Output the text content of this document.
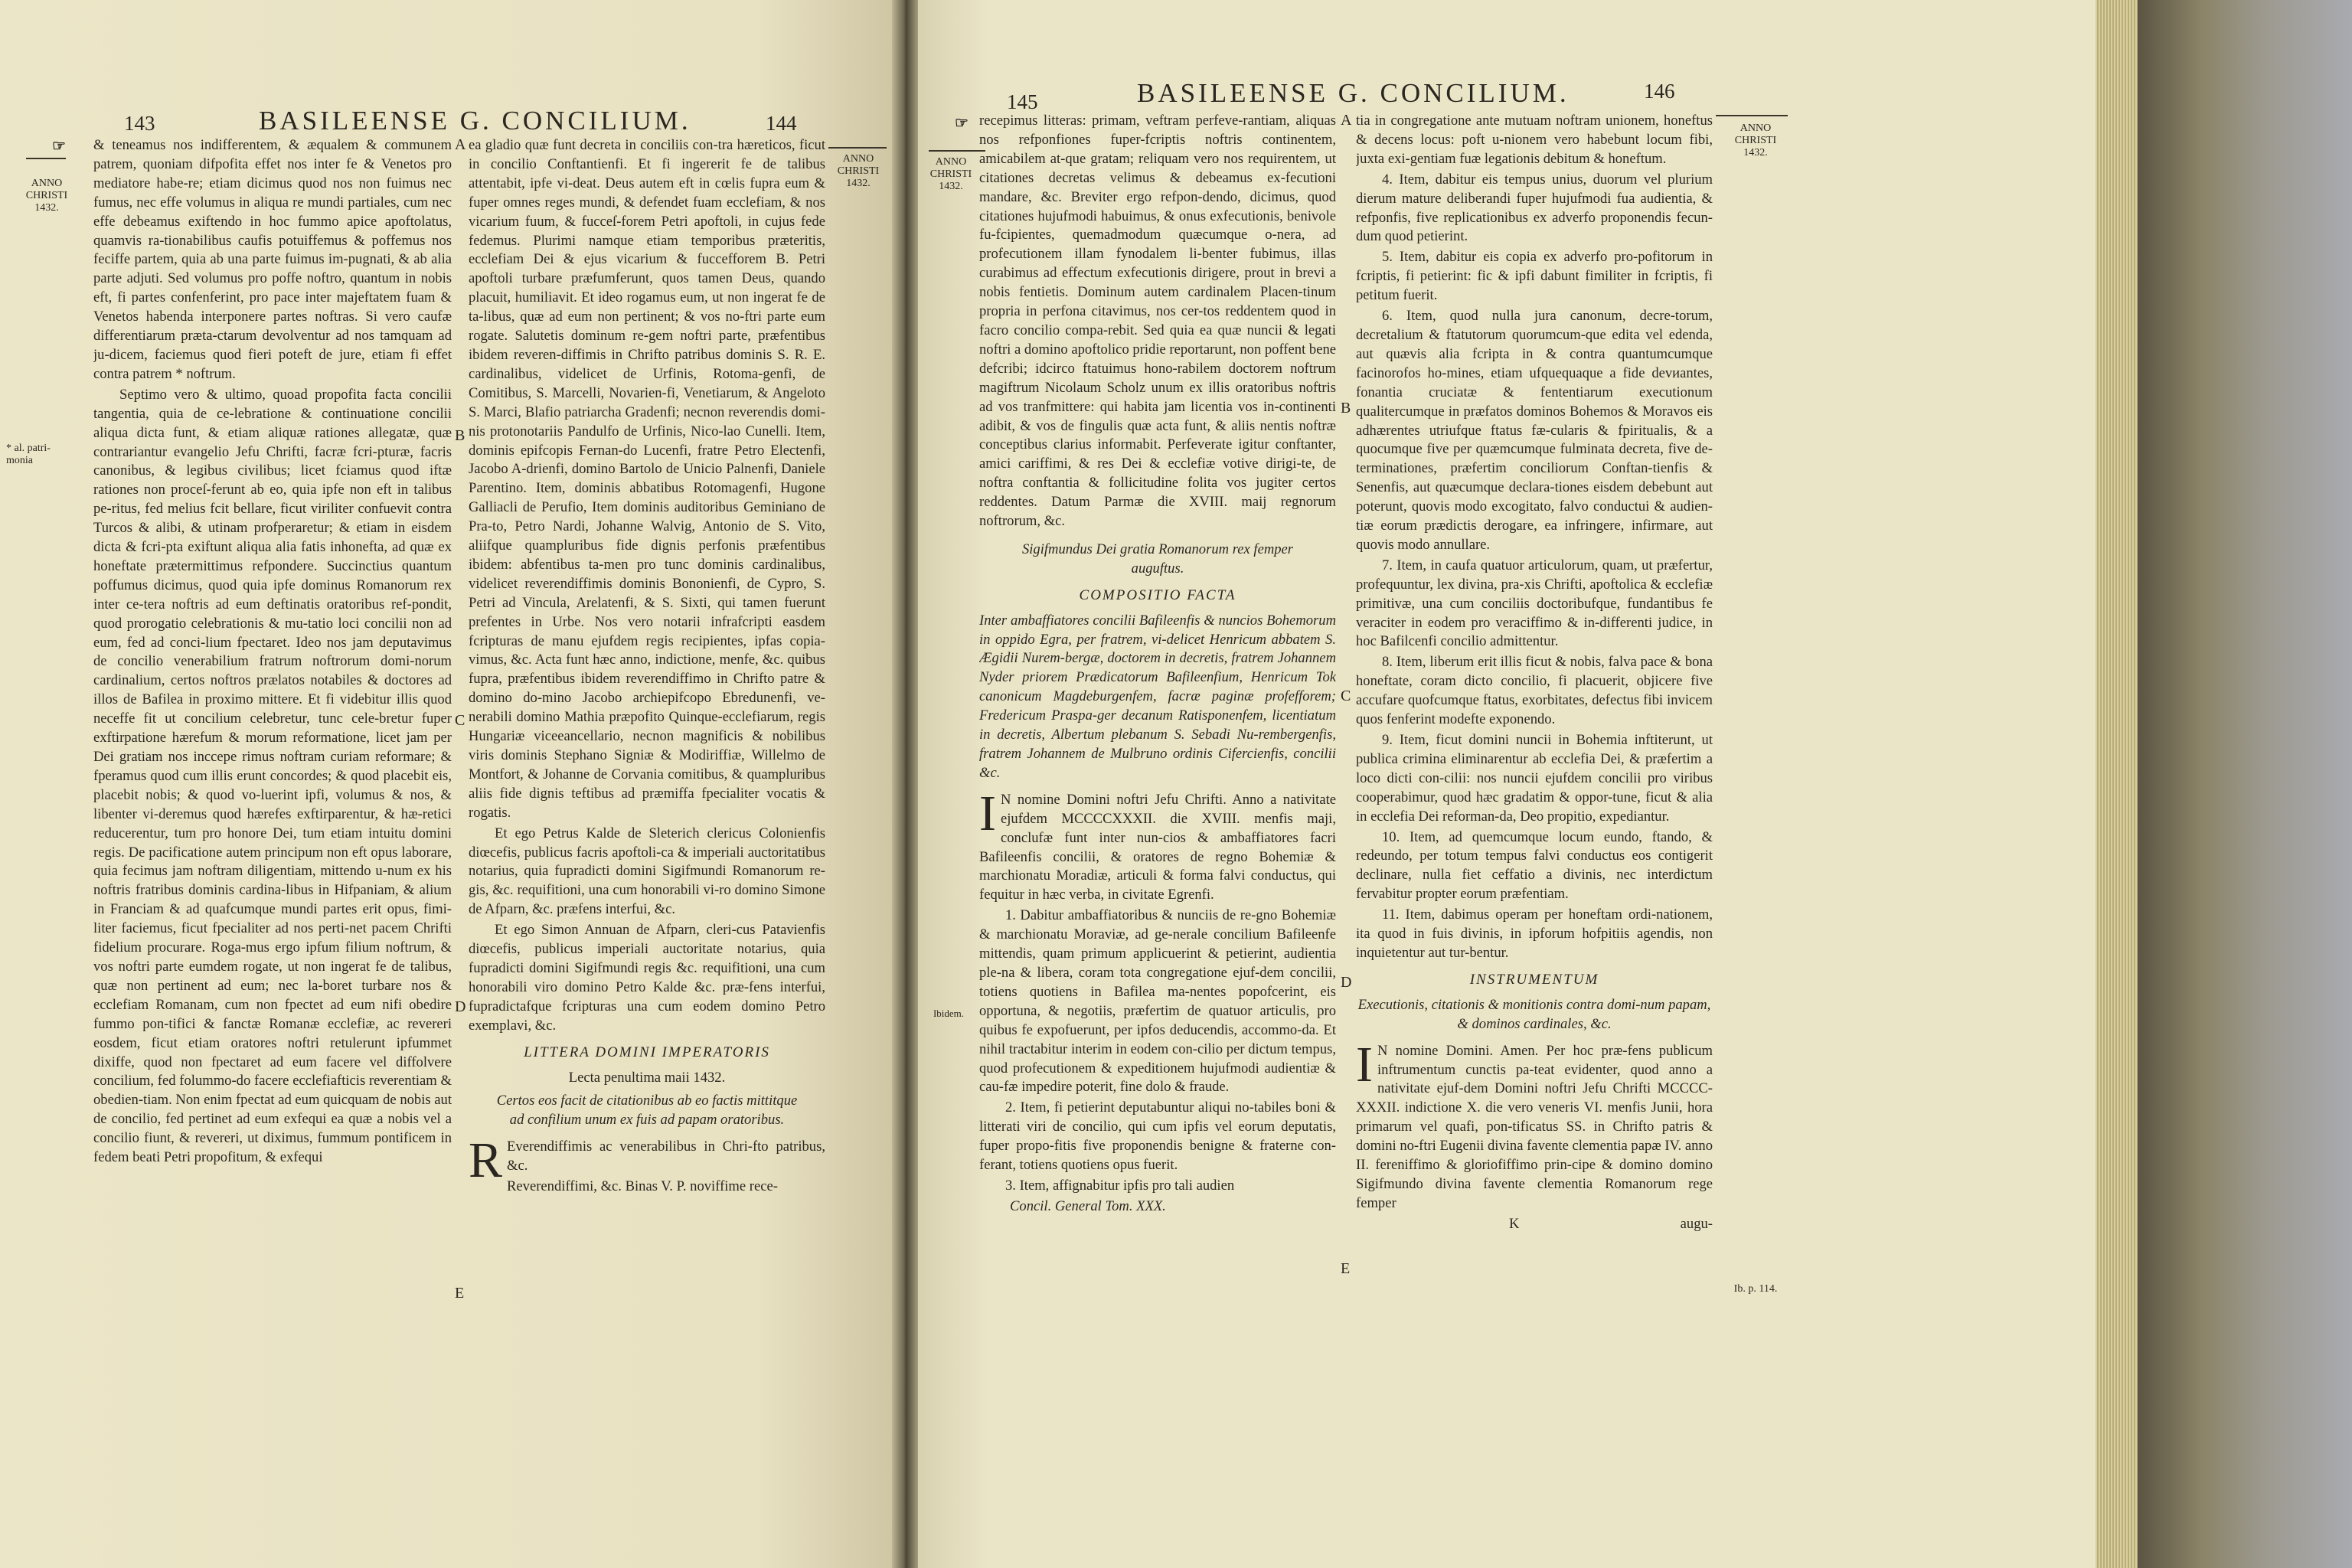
143	BASILEENSE G. CONCILIUM.	144
☞
ANNO CHRISTI 1432.
* al. patri-monia

& teneamus nos indifferentem, & æqualem & communem patrem, quoniam difpofita effet nos inter fe & Venetos pro mediatore habe-re; etiam dicimus quod nos non fuimus nec fumus, nec effe volumus in aliqua re mundi partiales, cum nec effe debeamus exiftendo in hoc fummo apice apoftolatus, quamvis ra-tionabilibus caufis potuiffemus & poffemus nos feciffe partem, quia ab una parte fuimus im-pugnati, & ab alia parte adjuti. Sed volumus pro poffe noftro, quantum in nobis eft, fi partes confenferint, pro pace inter majeftatem fuam & Venetos habenda interponere partes noftras. Si vero caufæ differentiarum præta-ctarum devolventur ad nos tamquam ad ju-dicem, faciemus quod fieri poteft de jure, etiam fi effet contra patrem * noftrum.

Septimo vero & ultimo, quoad propofita facta concilii tangentia, quia de ce-lebratione & continuatione concilii aliqua dicta funt, & etiam aliquæ rationes allegatæ, quæ contrariantur evangelio Jefu Chrifti, facræ fcri-pturæ, facris canonibus, & legibus civilibus; licet fciamus quod iftæ rationes non proceſ-ferunt ab eo, quia ipfe non eft in talibus pe-ritus, fed melius fcit bellare, ficut viriliter confuevit contra Turcos & alibi, & utinam profperaretur; & etiam in eisdem dicta & fcri-pta exiftunt aliqua alia fatis inhonefta, ad quæ ex honeftate prætermittimus refpondere. Succinctius quantum poffumus dicimus, quod quia ipfe dominus Romanorum rex inter ce-tera noftris ad eum deftinatis oratoribus ref-pondit, quod prorogatio celebrationis & mu-tatio loci concilii non ad eum, fed ad conci-lium fpectaret. Ideo nos jam deputavimus de concilio venerabilium fratrum noftrorum domi-norum cardinalium, certos noftros prælatos notabiles & doctores ad illos de Bafilea in proximo mittere. Et fi videbitur illis quod neceffe fit ut concilium celebretur, tunc cele-bretur fuper exftirpatione hærefum & morum reformatione, licet jam per Dei gratiam nos inccepe rimus noftram curiam reformare; & fperamus quod cum illis erunt concordes; & quod placebit eis, placebit nobis; & quod vo-luerint ipfi, volumus & nos, & libenter vi-deremus quod hærefes exftirparentur, & hæ-retici reducerentur, tum pro honore Dei, tum etiam intuitu domini regis. De pacificatione autem principum non eft opus laborare, quia fecimus jam noftram diligentiam, mittendo u-num ex his noftris fratribus dominis cardina-libus in Hifpaniam, & alium in Franciam & ad quafcumque mundi partes erit opus, fimi-liter faciemus, ficut fpecialiter ad nos perti-net pacem Chrifti fidelium procurare. Roga-mus ergo ipfum filium noftrum, & vos noftri parte eumdem rogate, ut non ingerat fe de talibus, quæ non pertinent ad eum; nec la-boret turbare nos & ecclefiam Romanam, cum non fpectet ad eum nifi obedire fummo pon-tifici & fanctæ Romanæ ecclefiæ, ac revereri eosdem, ficut etiam oratores noftri retulerunt ipfummet dixiffe, quod non fpectaret ad eum facere vel diffolvere concilium, fed folummo-do facere ecclefiafticis reverentiam & obedien-tiam. Non enim fpectat ad eum quicquam de nobis aut de concilio, fed pertinet ad eum exfequi ea quæ a nobis vel a concilio fiunt, & revereri, ut diximus, fummum pontificem in fedem beati Petri propofitum, & exfequi

A
B
C
D
E

ea gladio quæ funt decreta in conciliis con-tra hæreticos, ficut in concilio Conftantienfi. Et fi ingererit fe de talibus attentabit, ipfe vi-deat. Deus autem eft in cœlis fupra eum & fuper omnes reges mundi, & defendet fuam ecclefiam, & nos vicarium fuum, & fucceſ-forem Petri apoftoli, in cujus fede fedemus. Plurimi namque etiam temporibus præteritis, ecclefiam Dei & ejus vicarium & fuccefforem B. Petri apoftoli turbare præfumferunt, quos tamen Deus, quando placuit, humiliavit. Et ideo rogamus eum, ut non ingerat fe de ta-libus, quæ ad eum non pertinent; & vos no-ftri parte eum rogate. Salutetis dominum re-gem noftri parte, præfentibus ibidem reveren-diffimis in Chrifto patribus dominis S. R. E. cardinalibus, videlicet de Urfinis, Rotoma-genfi, de Comitibus, S. Marcelli, Novarien-fi, Venetiarum, & Angeloto S. Marci, Blafio patriarcha Gradenfi; necnon reverendis domi-nis protonotariis Pandulfo de Urfinis, Nico-lao Cunelli. Item, dominis epifcopis Fernan-do Lucenfi, fratre Petro Electenfi, Jacobo A-drienfi, domino Bartolo de Unicio Palnenfi, Daniele Parentino. Item, dominis abbatibus Rotomagenfi, Hugone Galliacli de Perufio, Item dominis auditoribus Geminiano de Pra-to, Petro Nardi, Johanne Walvig, Antonio de S. Vito, aliifque quampluribus fide dignis perfonis præfentibus ibidem: abfentibus ta-men pro tunc dominis cardinalibus, videlicet reverendiffimis dominis Bononienfi, de Cypro, S. Petri ad Vincula, Arelatenfi, & S. Sixti, qui tamen fuerunt prefentes in Urbe. Nos vero notarii infrafcripti easdem fcripturas de manu ejufdem regis recipientes, ipfas copia-vimus, &c. Acta funt hæc anno, indictione, menfe, &c. quibus fupra, præfentibus ibidem reverendiffimo in Chrifto patre & domino do-mino Jacobo archiepifcopo Ebredunenfi, ve-nerabili domino Mathia præpofito Quinque-ecclefiarum, regis Hungariæ viceeancellario, necnon magnificis & nobilibus viris dominis Stephano Signiæ & Modiriffiæ, Willelmo de Montfort, & Johanne de Corvania comitibus, & quampluribus aliis fide dignis teftibus ad præmiffa fpecialiter vocatis & rogatis.

Et ego Petrus Kalde de Sleterich clericus Colonienfis diœcefis, publicus facris apoftoli-ca & imperiali auctoritatibus notarius, quia fupradicti domini Sigifmundi Romanorum re-gis, &c. requifitioni, una cum honorabili vi-ro domino Simone de Afparn, &c. præfens interfui, &c.

Et ego Simon Annuan de Afparn, cleri-cus Patavienfis diœcefis, publicus imperiali auctoritate notarius, quia fupradicti domini Sigifmundi regis &c. requifitioni, una cum honorabili viro domino Petro Kalde &c. præ-fens interfui, fupradictafque fcripturas una cum eodem domino Petro exemplavi, &c.

LITTERA DOMINI IMPERATORIS
Lecta penultima maii 1432.
Certos eos facit de citationibus ab eo factis mittitque ad confilium unum ex fuis ad papam oratoribus.

R Everendiffimis ac venerabilibus in Chri-fto patribus, &c.

Reverendiffimi, &c. Binas V. P. noviffime rece-

ANNO CHRISTI 1432.
145	BASILEENSE G. CONCILIUM.	146
☞
ANNO CHRISTI 1432.
Ibidem.

recepimus litteras: primam, veftram perfeve-rantiam, aliquas nos refponfiones fuper-fcriptis noftris continentem, amicabilem at-que gratam; reliquam vero nos requirentem, ut citationes decretas velimus & debeamus ex-fecutioni mandare, &c. Breviter ergo refpon-dendo, dicimus, quod citationes hujufmodi habuimus, & onus exfecutionis, benivole fu-fcipientes, quemadmodum quæcumque o-nera, ad profecutionem illam fynodalem li-benter fubimus, illas curabimus ad effectum exfecutionis dirigere, prout in brevi a nobis fentietis. Dominum autem cardinalem Placen-tinum propria in perfona citavimus, nos cer-tos reddentem quod in facro concilio compa-rebit. Sed quia ea quæ nuncii & legati noftri a domino apoftolico pridie reportarunt, non poffent bene defcribi; idcirco ftatuimus hono-rabilem doctorem noftrum magiftrum Nicolaum Scholz unum ex illis oratoribus noftris ad vos tranfmittere: qui habita jam licentia vos in-continenti adibit, & vos de fingulis quæ acta funt, & aliis nentis noftræ conceptibus clarius informabit. Perfeverate igitur conftanter, amici cariffimi, & res Dei & ecclefiæ votive dirigi-te, de noftra conftantia & follicitudine folita vos jugiter certos reddentes. Datum Parmæ die XVIII. maij regnorum noftrorum, &c.

Sigifmundus Dei gratia Romanorum rex femper auguftus.

COMPOSITIO FACTA

Inter ambaffiatores concilii Bafileenfis & nuncios Bohemorum in oppido Egra, per fratrem, vi-delicet Henricum abbatem S. Ægidii Nurem-bergæ, doctorem in decretis, fratrem Johannem Nyder priorem Prædicatorum Bafileenfium, Henricum Tok canonicum Magdeburgenfem, facræ paginæ profefforem; Fredericum Praspa-ger decanum Ratisponenfem, licentiatum in decretis, Albertum plebanum S. Sebadi Nu-rembergenfis, fratrem Johannem de Mulbruno ordinis Cifercienfis, concilii &c.

I N nomine Domini noftri Jefu Chrifti. Anno a nativitate ejufdem MCCCCXXXII. die XVIII. menfis maji, conclufæ funt inter nun-cios & ambaffiatores facri Bafileenfis concilii, & oratores de regno Bohemiæ & marchionatu Moradiæ, articuli & forma falvi conductus, qui fequitur in hæc verba, in civitate Egrenfi.

1. Dabitur ambaffiatoribus & nunciis de re-gno Bohemiæ & marchionatu Moraviæ, ad ge-nerale concilium Bafileenfe mittendis, quam primum applicuerint & petierint, audientia ple-na & libera, coram tota congregatione ejuf-dem concilii, totiens quotiens in Bafilea ma-nentes popofcerint, eis opportuna, & negotiis, præfertim de quatuor articulis, pro quibus fe expofuerunt, per ipfos deducendis, accommo-da. Et nihil tractabitur interim in eodem con-cilio per dictum tempus, quod profecutionem & expeditionem hujufmodi audientiæ & cau-fæ impedire poterit, fine dolo & fraude.

2. Item, fi petierint deputabuntur aliqui no-tabiles boni & litterati viri de concilio, qui cum ipfis vel eorum deputatis, fuper propo-fitis five proponendis benigne & fraterne con-ferant, totiens quotiens opus fuerit.

3. Item, affignabitur ipfis pro tali audien

Concil. General Tom. XXX.

A
B
C
D
E

tia in congregatione ante mutuam noftram unionem, honeftus & decens locus: poft u-nionem vero habebunt locum fibi, juxta exi-gentiam fuæ legationis debitum & honeftum.

4. Item, dabitur eis tempus unius, duorum vel plurium dierum mature deliberandi fuper hujufmodi fua audientia, & refponfis, five replicationibus ex adverfo proponendis fecun-dum quod petierint.

5. Item, dabitur eis copia ex adverfo pro-pofitorum in fcriptis, fi petierint: fic & ipfi dabunt fimiliter in fcriptis, fi petitum fuerit.

6. Item, quod nulla jura canonum, decre-torum, decretalium & ftatutorum quorumcum-que edita vel edenda, aut quævis alia fcripta in & contra quantumcumque facinorofos ho-mines, etiam ufquequaque a fide devиantes, fonantia cruciatæ & fententiarum executionum qualitercumque in præfatos dominos Bohemos & Moravos eis adhærentes utriufque ftatus fæ-cularis & fpiritualis, & a quocumque five per quæmcumque fulminata decreta, five de-terminationes, præfertim conciliorum Conftan-tienfis & Senenfis, aut quæcumque declara-tiones eisdem debebunt aut poterunt, quovis modo excogitato, falvo conductui & audien-tiæ eorum prædictis derogare, ea infringere, infirmare, aut quovis modo annullare.

7. Item, in caufa quatuor articulorum, quam, ut præfertur, profequuntur, lex divina, pra-xis Chrifti, apoftolica & ecclefiæ primitivæ, una cum conciliis doctoribufque, fundantibus fe veraciter in eodem pro veraciffimo & in-differenti judice, in hoc Bafilcenfi concilio admittentur.

8. Item, liberum erit illis ficut & nobis, falva pace & bona honeftate, coram dicto concilio, fi placuerit, objicere five accufare quofcumque ftatus, exorbitates, defectus fibi invicem quos fenferint modefte exponendo.

9. Item, ficut domini nuncii in Bohemia inftiterunt, ut publica crimina eliminarentur ab ecclefia Dei, & præfertim a loco dicti con-cilii: nos nuncii ejufdem concilii pro viribus cooperabimur, quod hæc gradatim & oppor-tune, ficut & alia in ecclefia Dei reforman-da, Deo propitio, expediantur.

10. Item, ad quemcumque locum eundo, ftando, & redeundo, per totum tempus falvi conductus eos contigerit declinare, nulla fiet ceffatio a divinis, nec interdictum fervabitur propter eorum præfentiam.

11. Item, dabimus operam per honeftam ordi-nationem, ita quod in fuis divinis, in ipforum hofpitiis agendis, non inquietentur aut tur-bentur.

INSTRUMENTUM

Executionis, citationis & monitionis contra domi-num papam, & dominos cardinales, &c.

I N nomine Domini. Amen. Per hoc præ-fens publicum inftrumentum cunctis pa-teat evidenter, quod anno a nativitate ejuf-dem Domini noftri Jefu Chrifti MCCCC-XXXII. indictione X. die vero veneris VI. menfis Junii, hora primarum vel quafi, pon-tificatus SS. in Chrifto patris & domini no-ftri Eugenii divina favente clementia papæ IV. anno II. fereniffimo & gloriofiffimo prin-cipe & domino domino Sigifmundo divina favente clementia Romanorum rege femper

K	augu-
ANNO CHRISTI 1432.
Ib. p. 114.
